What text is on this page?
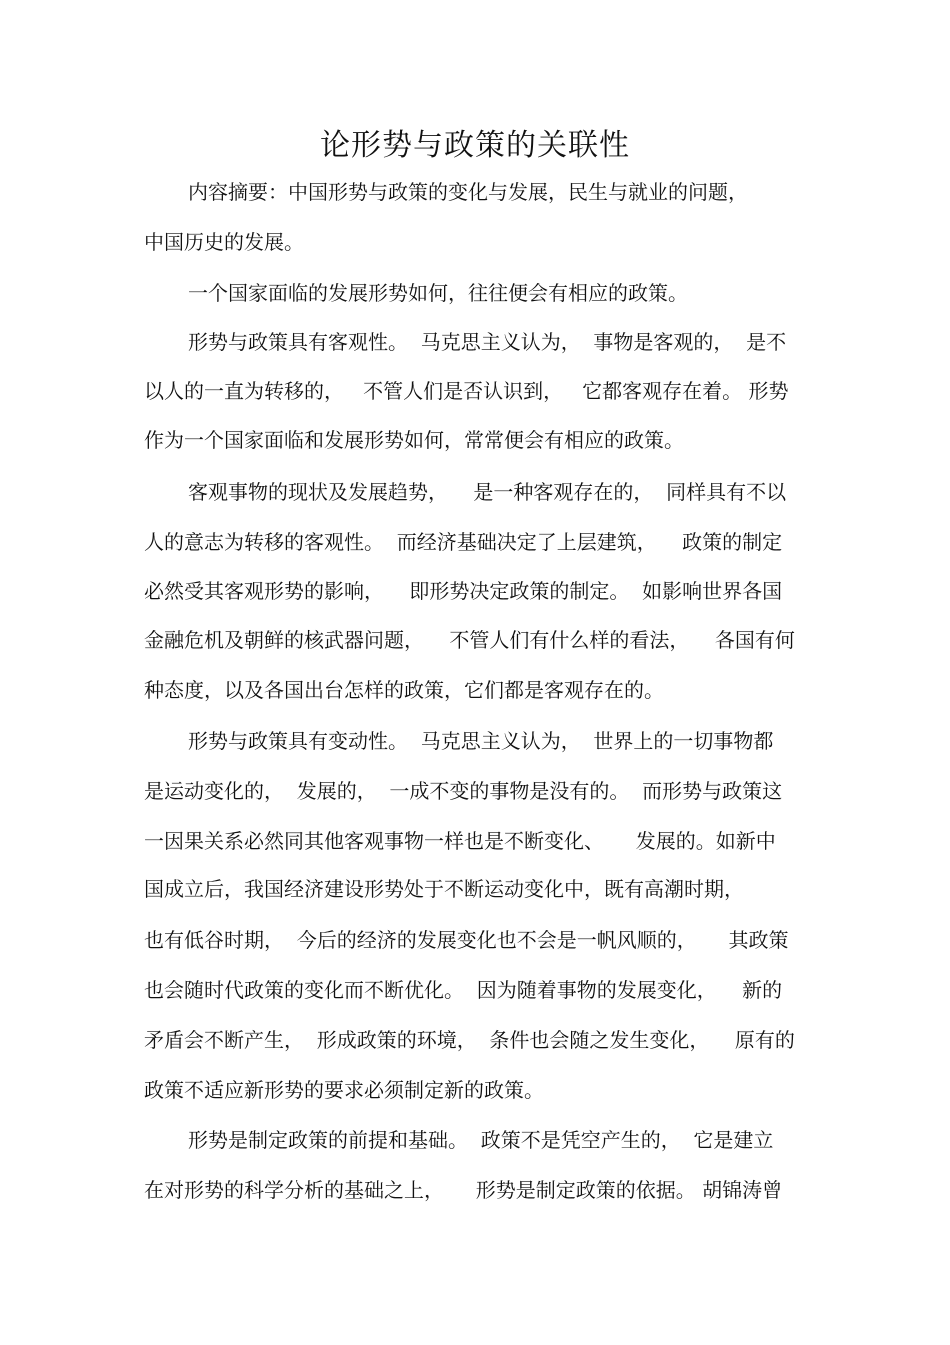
论形势与政策的关联性
内容摘要：中国形势与政策的变化与发展，民生与就业的问题，
中国历史的发展。
一个国家面临的发展形势如何，往往便会有相应的政策。
形势与政策具有客观性。  马克思主义认为，  事物是客观的，  是不
以人的一直为转移的，   不管人们是否认识到，   它都客观存在着。 形势
作为一个国家面临和发展形势如何，常常便会有相应的政策。
客观事物的现状及发展趋势，    是一种客观存在的，  同样具有不以
人的意志为转移的客观性。  而经济基础决定了上层建筑，    政策的制定
必然受其客观形势的影响，    即形势决定政策的制定。  如影响世界各国
金融危机及朝鲜的核武器问题，    不管人们有什么样的看法，    各国有何
种态度，以及各国出台怎样的政策，它们都是客观存在的。
形势与政策具有变动性。  马克思主义认为，  世界上的一切事物都
是运动变化的，  发展的，  一成不变的事物是没有的。  而形势与政策这
一因果关系必然同其他客观事物一样也是不断变化、     发展的。如新中
国成立后，我国经济建设形势处于不断运动变化中，既有高潮时期，
也有低谷时期，  今后的经济的发展变化也不会是一帆风顺的，     其政策
也会随时代政策的变化而不断优化。  因为随着事物的发展变化，    新的
矛盾会不断产生，  形成政策的环境，  条件也会随之发生变化，    原有的
政策不适应新形势的要求必须制定新的政策。
形势是制定政策的前提和基础。  政策不是凭空产生的，  它是建立
在对形势的科学分析的基础之上，     形势是制定政策的依据。 胡锦涛曾
